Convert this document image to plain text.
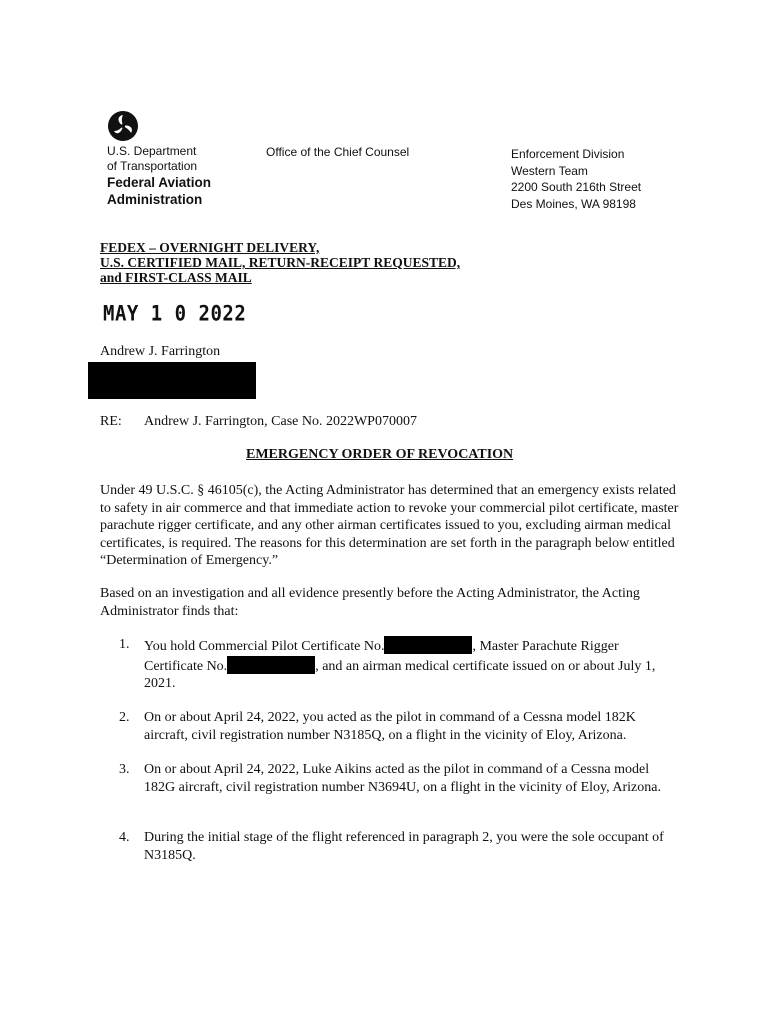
U.S. Department
of Transportation
Federal Aviation
Administration
Office of the Chief Counsel	Enforcement Division
Western Team
2200 South 216th Street
Des Moines, WA 98198
FEDEX – OVERNIGHT DELIVERY,
U.S. CERTIFIED MAIL, RETURN-RECEIPT REQUESTED,
and FIRST-CLASS MAIL
MAY 1 0 2022
Andrew J. Farrington
RE: Andrew J. Farrington, Case No. 2022WP070007
EMERGENCY ORDER OF REVOCATION
Under 49 U.S.C. § 46105(c), the Acting Administrator has determined that an emergency exists related to safety in air commerce and that immediate action to revoke your commercial pilot certificate, master parachute rigger certificate, and any other airman certificates issued to you, excluding airman medical certificates, is required. The reasons for this determination are set forth in the paragraph below entitled “Determination of Emergency.”
Based on an investigation and all evidence presently before the Acting Administrator, the Acting Administrator finds that:
1. You hold Commercial Pilot Certificate No.	, Master Parachute Rigger Certificate No.	, and an airman medical certificate issued on or about July 1, 2021.
2. On or about April 24, 2022, you acted as the pilot in command of a Cessna model 182K aircraft, civil registration number N3185Q, on a flight in the vicinity of Eloy, Arizona.
3. On or about April 24, 2022, Luke Aikins acted as the pilot in command of a Cessna model 182G aircraft, civil registration number N3694U, on a flight in the vicinity of Eloy, Arizona.
4. During the initial stage of the flight referenced in paragraph 2, you were the sole occupant of N3185Q.
